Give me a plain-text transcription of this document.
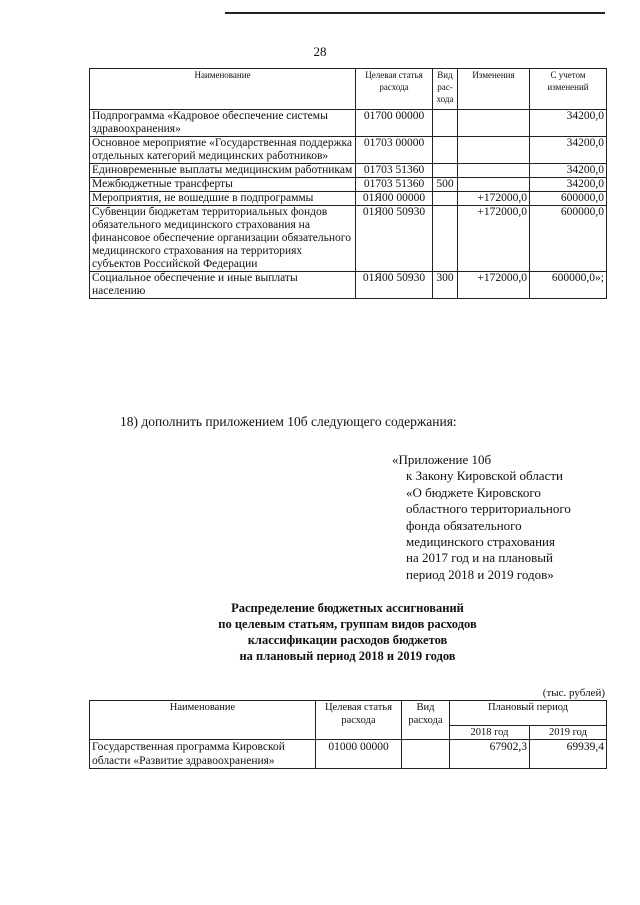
28
Наименование	Целевая статья расхода	Вид рас-хода	Изменения	С учетом изменений
Подпрограмма «Кадровое обеспечение системы здравоохранения»	01700 00000			34200,0
Основное мероприятие «Государственная поддержка отдельных категорий медицинских работников»	01703 00000			34200,0
Единовременные выплаты медицинским работникам	01703 51360			34200,0
Межбюджетные трансферты	01703 51360	500		34200,0
Мероприятия, не вошедшие в подпрограммы	01Я00 00000		+172000,0	600000,0
Субвенции бюджетам территориальных фондов обязательного медицинского страхования на финансовое обеспечение организации обязательного медицинского страхования на территориях субъектов Российской Федерации	01Я00 50930		+172000,0	600000,0
Социальное обеспечение и иные выплаты населению	01Я00 50930	300	+172000,0	600000,0»;
18) дополнить приложением 10б следующего содержания:
«Приложение 10б
к Закону Кировской области
«О бюджете Кировского
областного территориального
фонда обязательного
медицинского страхования
на 2017 год и на плановый
период 2018 и 2019 годов»
Распределение бюджетных ассигнований
по целевым статьям, группам видов расходов
классификации расходов бюджетов
на плановый период 2018 и 2019 годов
(тыс. рублей)
Наименование	Целевая статья расхода	Вид расхода	Плановый период	
			2018 год	2019 год
Государственная программа Кировской области «Развитие здравоохранения»	01000 00000		67902,3	69939,4
